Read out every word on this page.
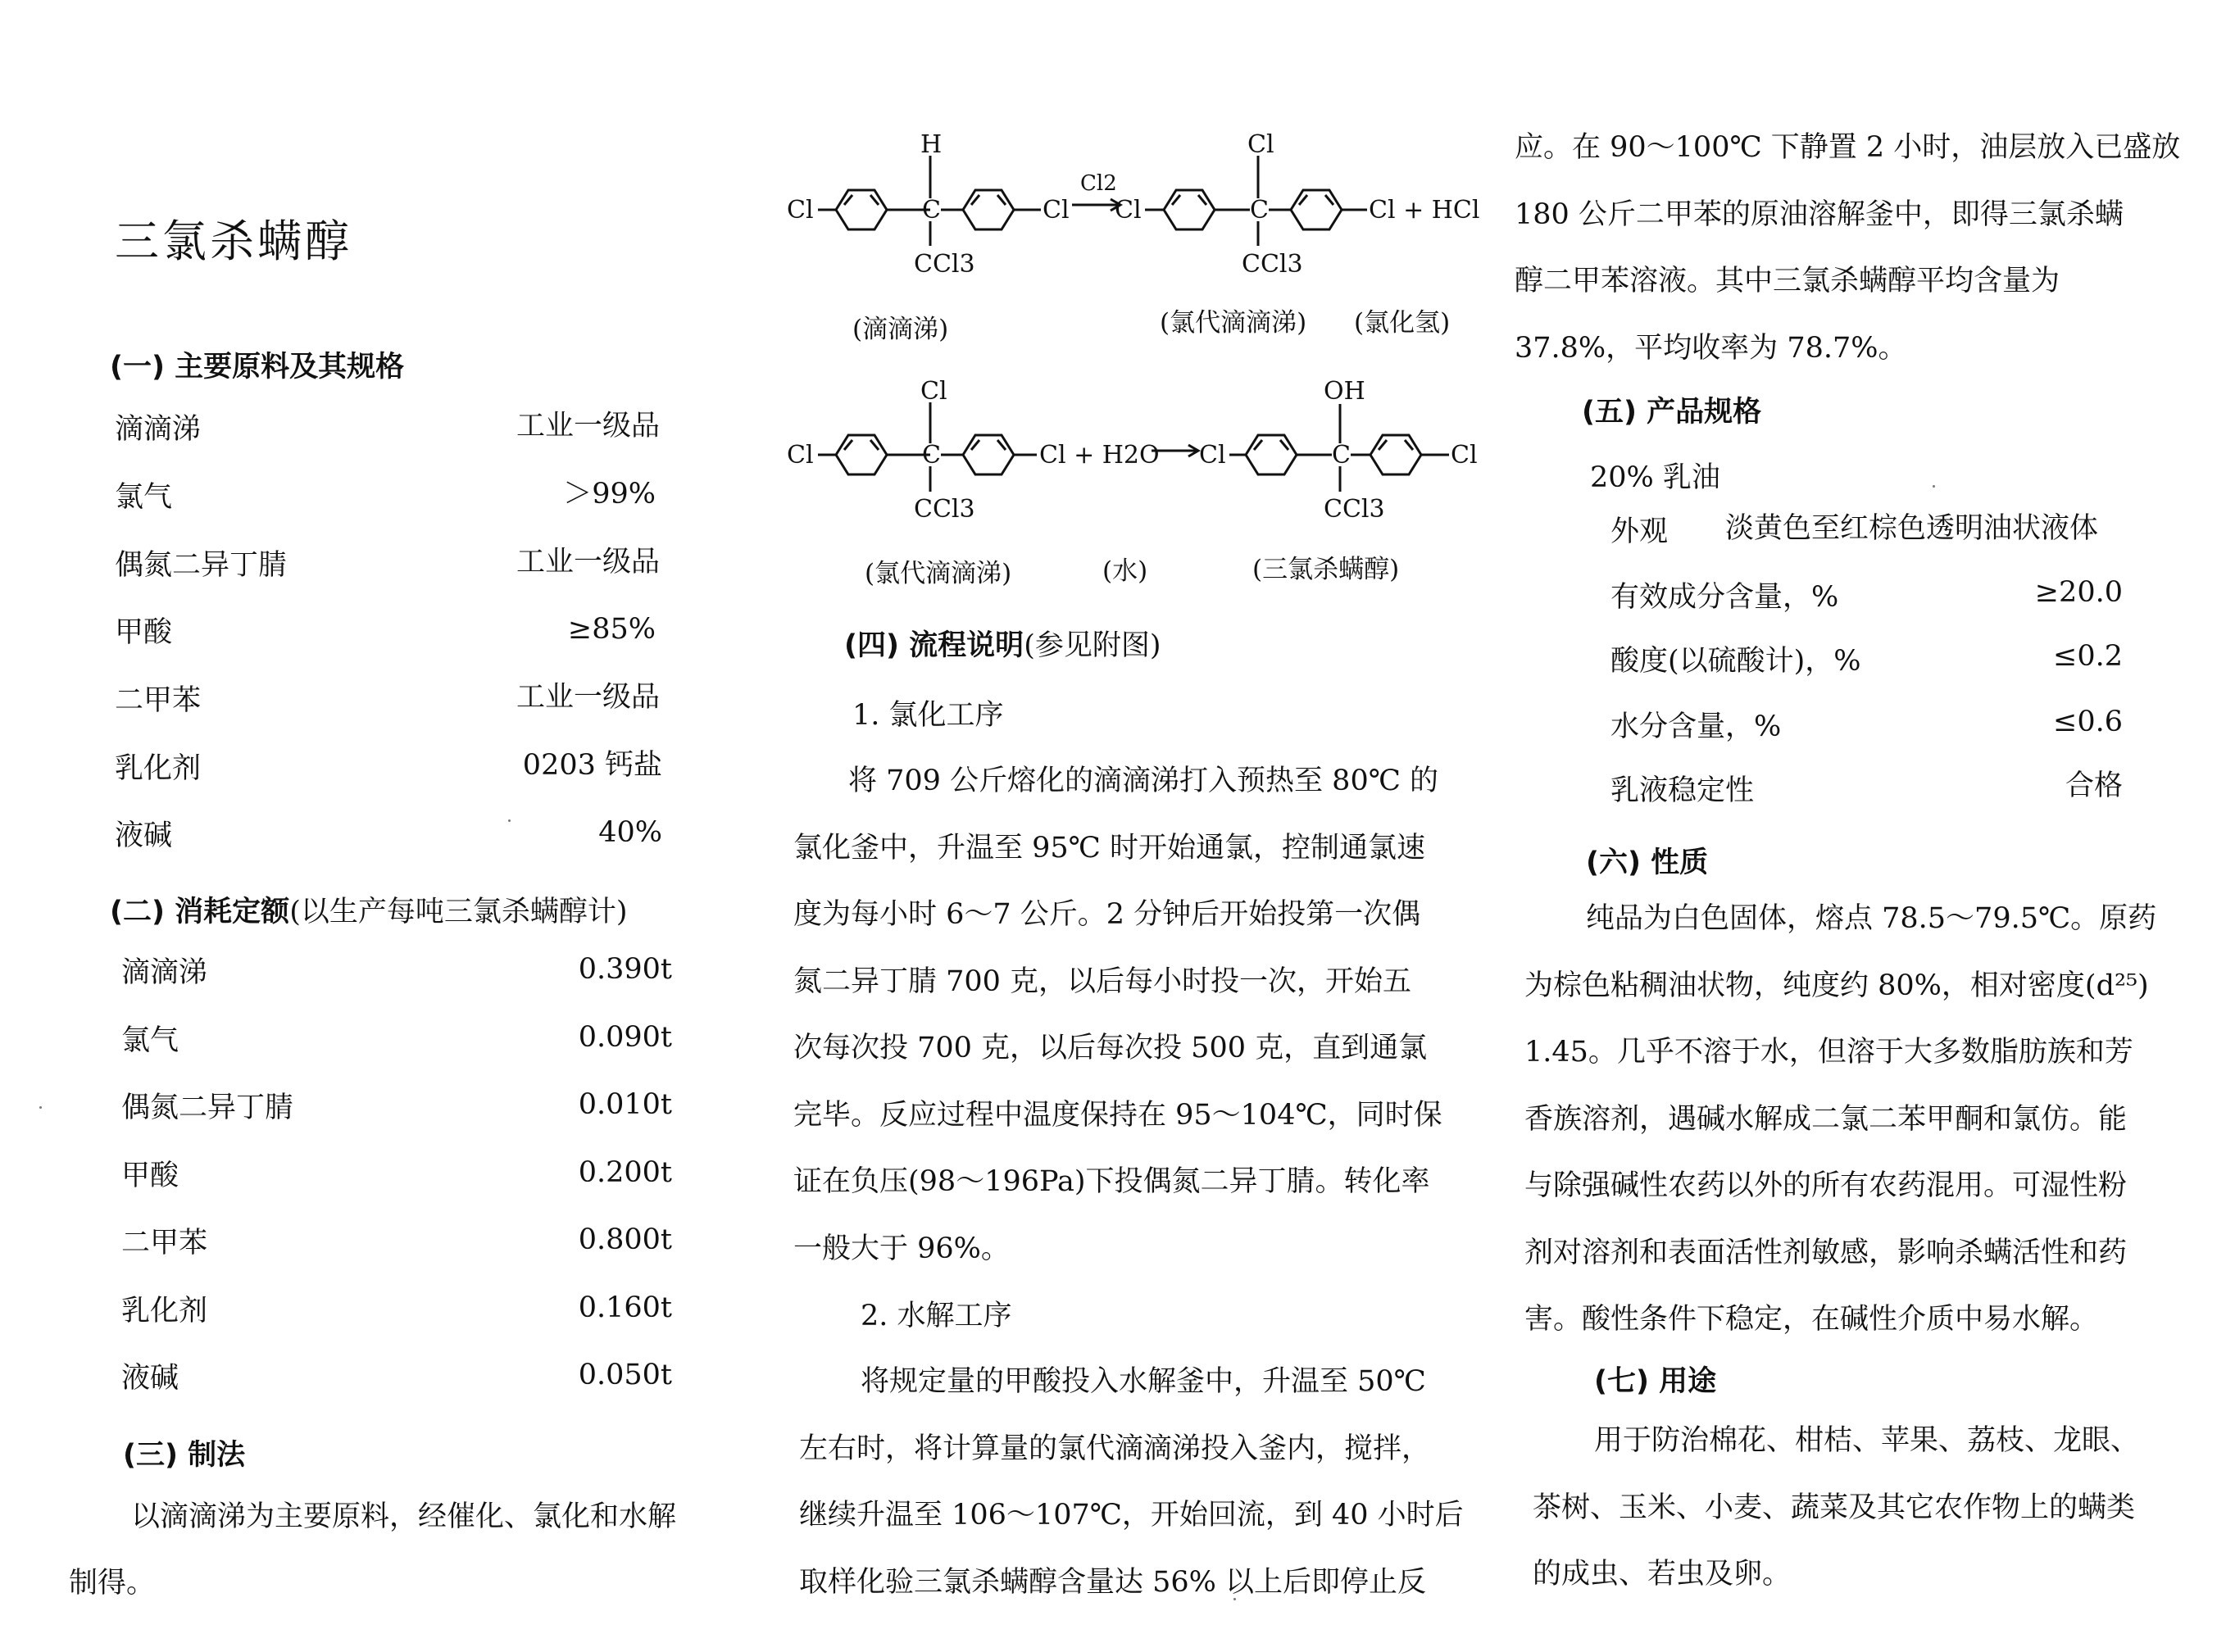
三氯杀螨醇
(一) 主要原料及其规格
滴滴涕	工业一级品
氯气	＞99%
偶氮二异丁腈	工业一级品
甲酸	≥85%
二甲苯	工业一级品
乳化剂	0203 钙盐
液碱	40%
(二) 消耗定额(以生产每吨三氯杀螨醇计)
滴滴涕	0.390t
氯气	0.090t
偶氮二异丁腈	0.010t
甲酸	0.200t
二甲苯	0.800t
乳化剂	0.160t
液碱	0.050t
(三) 制法
以滴滴涕为主要原料，经催化、氯化和水解
制得。
Cl
H
C
CCl3
Cl
Cl2
Cl
Cl
C
CCl3
Cl + HCl
(滴滴涕)	(氯代滴滴涕) (氯化氢)
Cl
Cl
C
CCl3
Cl + H2O Cl
OH
C
CCl3
Cl
(氯代滴滴涕)	(水)	(三氯杀螨醇)
(四) 流程说明(参见附图)
1. 氯化工序
将 709 公斤熔化的滴滴涕打入预热至 80℃ 的
氯化釜中，升温至 95℃ 时开始通氯，控制通氯速
度为每小时 6～7 公斤。2 分钟后开始投第一次偶
氮二异丁腈 700 克，以后每小时投一次，开始五
次每次投 700 克，以后每次投 500 克，直到通氯
完毕。反应过程中温度保持在 95～104℃，同时保
证在负压(98～196Pa)下投偶氮二异丁腈。转化率
一般大于 96%。
2. 水解工序
将规定量的甲酸投入水解釜中，升温至 50℃
左右时，将计算量的氯代滴滴涕投入釜内，搅拌，
继续升温至 106～107℃，开始回流，到 40 小时后
取样化验三氯杀螨醇含量达 56% 以上后即停止反
应。在 90～100℃ 下静置 2 小时，油层放入已盛放
180 公斤二甲苯的原油溶解釜中，即得三氯杀螨
醇二甲苯溶液。其中三氯杀螨醇平均含量为
37.8%，平均收率为 78.7%。
(五) 产品规格
20% 乳油
外观 淡黄色至红棕色透明油状液体
有效成分含量，%	≥20.0
酸度(以硫酸计)，%	≤0.2
水分含量，%	≤0.6
乳液稳定性	合格
(六) 性质
纯品为白色固体，熔点 78.5～79.5℃。原药
为棕色粘稠油状物，纯度约 80%，相对密度(d²⁵)
1.45。几乎不溶于水，但溶于大多数脂肪族和芳
香族溶剂，遇碱水解成二氯二苯甲酮和氯仿。能
与除强碱性农药以外的所有农药混用。可湿性粉
剂对溶剂和表面活性剂敏感，影响杀螨活性和药
害。酸性条件下稳定，在碱性介质中易水解。
(七) 用途
用于防治棉花、柑桔、苹果、荔枝、龙眼、
茶树、玉米、小麦、蔬菜及其它农作物上的螨类
的成虫、若虫及卵。
